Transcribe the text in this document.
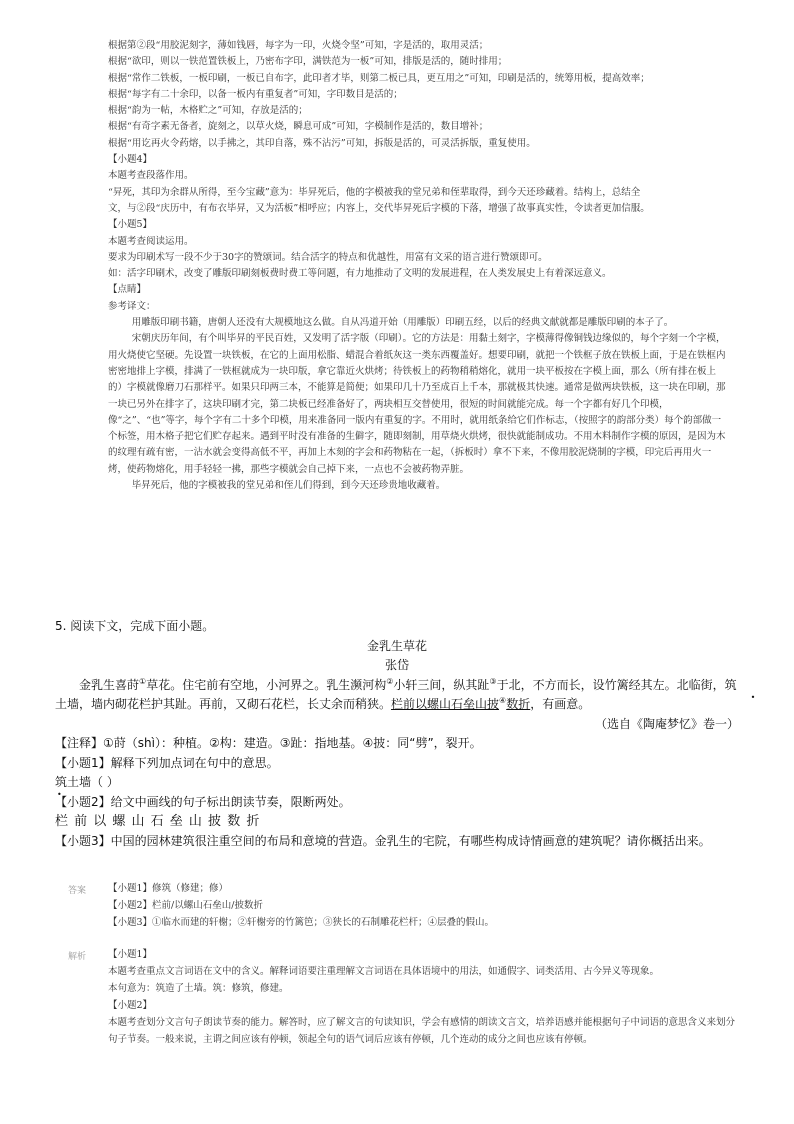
根据第②段“用胶泥刻字，薄如钱唇，每字为一印，火烧令坚”可知，字是活的，取用灵活；

根据“欲印，则以一铁范置铁板上，乃密布字印，满铁范为一板”可知，排版是活的，随时排用；

根据“常作二铁板，一板印刷，一板已自布字，此印者才毕，则第二板已具，更互用之”可知，印刷是活的，统筹用板，提高效率；

根据“每字有二十余印，以备一板内有重复者”可知，字印数目是活的；

根据“韵为一帖，木格贮之”可知，存放是活的；

根据“有奇字素无备者，旋刻之，以草火烧，瞬息可成”可知，字模制作是活的，数目增补；

根据“用讫再火令药熔，以手拂之，其印自落，殊不沾污”可知，拆版是活的，可灵活拆版，重复使用。

【小题4】

本题考查段落作用。

“昇死，其印为余群从所得，至今宝藏”意为：毕昇死后，他的字模被我的堂兄弟和侄辈取得，到今天还珍藏着。结构上，总结全

文，与②段“庆历中，有布衣毕昇，又为活板”相呼应；内容上，交代毕昇死后字模的下落，增强了故事真实性，令读者更加信服。

【小题5】

本题考查阅读运用。

要求为印刷术写一段不少于30字的赞颂词。结合活字的特点和优越性，用富有文采的语言进行赞颂即可。

如：活字印刷术，改变了雕版印刷刻板费时费工等问题，有力地推动了文明的发展进程，在人类发展史上有着深远意义。

【点睛】

参考译文：

用雕版印刷书籍，唐朝人还没有大规模地这么做。自从冯道开始（用雕版）印刷五经，以后的经典文献就都是雕版印刷的本子了。

宋朝庆历年间，有个叫毕昇的平民百姓，又发明了活字版（印刷）。它的方法是：用黏土刻字，字模薄得像铜钱边缘似的，每个字刻一个字模，用火烧使它坚硬。先设置一块铁板，在它的上面用松脂、蜡混合着纸灰这一类东西覆盖好。想要印刷，就把一个铁框子放在铁板上面，于是在铁框内密密地排上字模，排满了一铁框就成为一块印版，拿它靠近火烘烤；待铁板上的药物稍稍熔化，就用一块平板按在字模上面，那么（所有排在板上的）字模就像磨刀石那样平。如果只印两三本，不能算是简便；如果印几十乃至成百上千本，那就极其快速。通常是做两块铁板，这一块在印刷，那一块已另外在排字了，这块印刷才完，第二块板已经准备好了，两块相互交替使用，很短的时间就能完成。每一个字都有好几个印模，像“之”、“也”等字，每个字有二十多个印模，用来准备同一版内有重复的字。不用时，就用纸条给它们作标志，（按照字的韵部分类）每个韵部做一个标签，用木格子把它们贮存起来。遇到平时没有准备的生僻字，随即刻制，用草烧火烘烤，很快就能制成功。不用木料制作字模的原因，是因为木的纹理有疏有密，一沾水就会变得高低不平，再加上木刻的字会和药物粘在一起，（拆板时）拿不下来，不像用胶泥烧制的字模，印完后再用火一烤，使药物熔化，用手轻轻一拂，那些字模就会自己掉下来，一点也不会被药物弄脏。

毕昇死后，他的字模被我的堂兄弟和侄儿们得到，到今天还珍贵地收藏着。

5. 阅读下文，完成下面小题。

金乳生草花

张岱

金乳生喜莳①草花。住宅前有空地，小河界之。乳生濒河构②小轩三间，纵其趾③于北，不方而长，设竹篱经其左。北临街，筑 •土墙，墙内砌花栏护其趾。再前，又砌石花栏，长丈余而稍狭。栏前以螺山石垒山披④数折，有画意。

（选自《陶庵梦忆》卷一）

【注释】①莳（shì）：种植。②构：建造。③趾：指地基。④披：同“劈”，裂开。

【小题1】解释下列加点词在句中的意思。

筑土墙（ ）

【小题2】给文中画线的句子标出朗读节奏，限断两处。

栏 前 以 螺 山 石 垒 山 披 数 折

【小题3】中国的园林建筑很注重空间的布局和意境的营造。金乳生的宅院，有哪些构成诗情画意的建筑呢？请你概括出来。

答案 【小题1】修筑（修建；修）

【小题2】栏前/以螺山石垒山/披数折

【小题3】①临水而建的轩榭；②轩榭旁的竹篱笆；③狭长的石制雕花栏杆；④层叠的假山。

解析 【小题1】

本题考查重点文言词语在文中的含义。解释词语要注重理解文言词语在具体语境中的用法，如通假字、词类活用、古今异义等现象。

本句意为：筑造了土墙。筑：修筑，修建。

【小题2】

本题考查划分文言句子朗读节奏的能力。解答时，应了解文言的句读知识，学会有感情的朗读文言文，培养语感并能根据句子中词语的意思含义来划分句子节奏。一般来说，主谓之间应该有停顿，领起全句的语气词后应该有停顿，几个连动的成分之间也应该有停顿。
